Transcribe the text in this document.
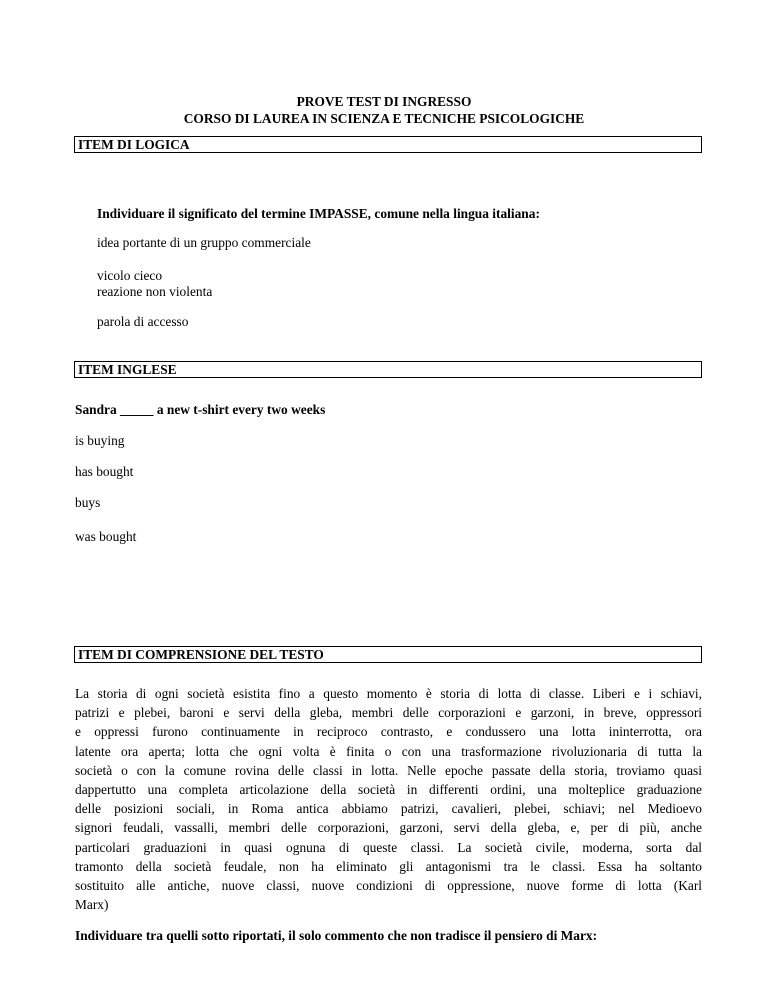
PROVE TEST DI INGRESSO
CORSO DI LAUREA IN SCIENZA E TECNICHE PSICOLOGICHE
ITEM DI LOGICA
Individuare il significato del termine IMPASSE, comune nella lingua italiana:
idea portante di un gruppo commerciale
vicolo cieco
reazione non violenta
parola di accesso
ITEM INGLESE
Sandra _____ a new t-shirt every two weeks
is buying
has bought
buys
was bought
ITEM DI COMPRENSIONE DEL TESTO
La storia di ogni società esistita fino a questo momento è storia di lotta di classe. Liberi e i schiavi,
patrizi e plebei, baroni e servi della gleba, membri delle corporazioni e garzoni, in breve, oppressori
e oppressi furono continuamente in reciproco contrasto, e condussero una lotta ininterrotta, ora
latente ora aperta; lotta che ogni volta è finita o con una trasformazione rivoluzionaria di tutta la
società o con la comune rovina delle classi in lotta. Nelle epoche passate della storia, troviamo quasi
dappertutto una completa articolazione della società in differenti ordini, una molteplice graduazione
delle posizioni sociali, in Roma antica abbiamo patrizi, cavalieri, plebei, schiavi; nel Medioevo
signori feudali, vassalli, membri delle corporazioni, garzoni, servi della gleba, e, per di più, anche
particolari graduazioni in quasi ognuna di queste classi. La società civile, moderna, sorta dal
tramonto della società feudale, non ha eliminato gli antagonismi tra le classi. Essa ha soltanto
sostituito alle antiche, nuove classi, nuove condizioni di oppressione, nuove forme di lotta (Karl
Marx)
Individuare tra quelli sotto riportati, il solo commento che non tradisce il pensiero di Marx:
